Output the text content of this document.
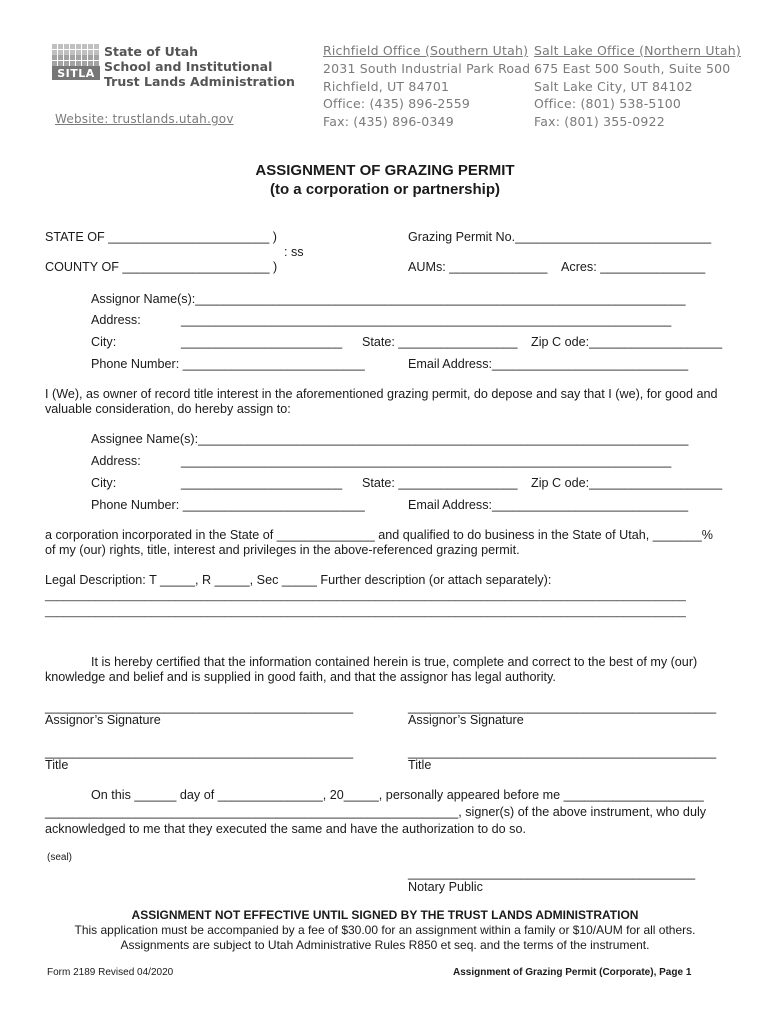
SITLA
State of Utah
School and Institutional
Trust Lands Administration
Website: trustlands.utah.gov
Richfield Office (Southern Utah)
2031 South Industrial Park Road
Richfield, UT 84701
Office: (435) 896-2559
Fax: (435) 896-0349
Salt Lake Office (Northern Utah)
675 East 500 South, Suite 500
Salt Lake City, UT 84102
Office: (801) 538-5100
Fax: (801) 355-0922
ASSIGNMENT OF GRAZING PERMIT
(to a corporation or partnership)
STATE OF _______________________ )
: ss
COUNTY OF _____________________ )
Grazing Permit No.____________________________
AUMs: ______________ Acres: _______________
Assignor Name(s):______________________________________________________________________
Address:	______________________________________________________________________
City:	_______________________ State: _________________ Zip C ode:___________________
Phone Number: __________________________	Email Address:____________________________
I (We), as owner of record title interest in the aforementioned grazing permit, do depose and say that I (we), for good and
valuable consideration, do hereby assign to:
Assignee Name(s):______________________________________________________________________
Address:	______________________________________________________________________
City:	_______________________ State: _________________ Zip C ode:___________________
Phone Number: __________________________	Email Address:____________________________
a corporation incorporated in the State of ______________ and qualified to do business in the State of Utah, _______%
of my (our) rights, title, interest and privileges in the above-referenced grazing permit.
Legal Description: T _____, R _____, Sec _____ Further description (or attach separately):
_______________________________________________________________________________________________________
_______________________________________________________________________________________________________
It is hereby certified that the information contained herein is true, complete and correct to the best of my (our)
knowledge and belief and is supplied in good faith, and that the assignor has legal authority.
____________________________________________
Assignor’s Signature
____________________________________________
Assignor’s Signature
____________________________________________
Title
____________________________________________
Title
On this ______ day of _______________, 20_____, personally appeared before me ____________________
___________________________________________________________, signer(s) of the above instrument, who duly
acknowledged to me that they executed the same and have the authorization to do so.
(seal)
_________________________________________
Notary Public
ASSIGNMENT NOT EFFECTIVE UNTIL SIGNED BY THE TRUST LANDS ADMINISTRATION
This application must be accompanied by a fee of $30.00 for an assignment within a family or $10/AUM for all others.
Assignments are subject to Utah Administrative Rules R850 et seq. and the terms of the instrument.
Form 2189 Revised 04/2020	Assignment of Grazing Permit (Corporate), Page 1
